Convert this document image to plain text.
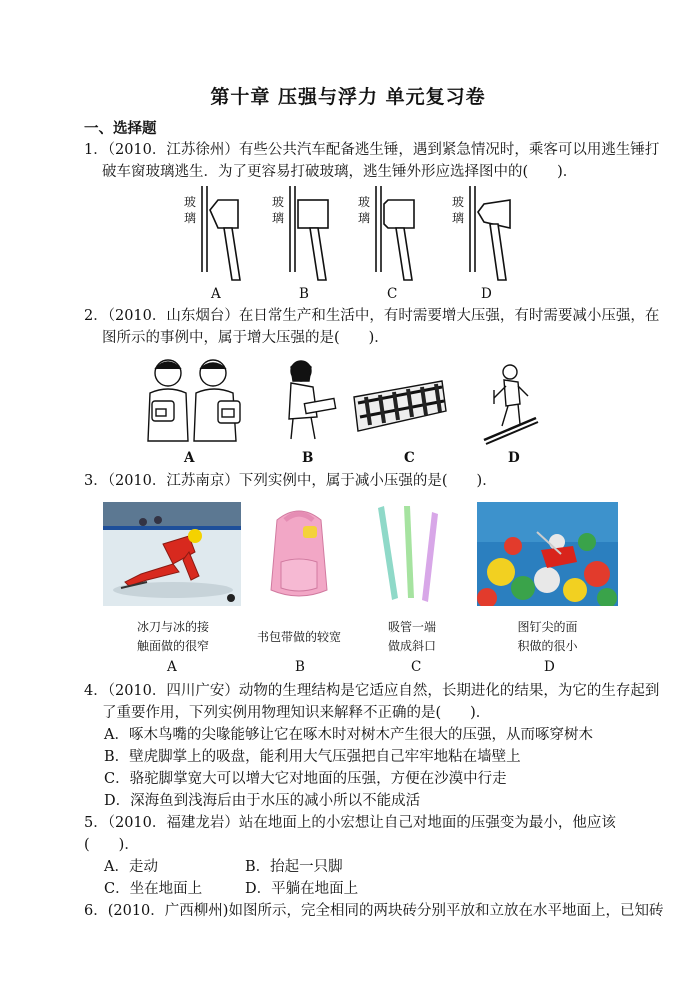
第十章 压强与浮力 单元复习卷
一、选择题
1．（2010．江苏徐州）有些公共汽车配备逃生锤，遇到紧急情况时，乘客可以用逃生锤打
破车窗玻璃逃生．为了更容易打破玻璃，逃生锤外形应选择图中的(　　)．
玻璃
玻璃
玻璃
玻璃
A	B	C	D
2．（2010．山东烟台）在日常生产和生活中，有时需要增大压强，有时需要减小压强，在
图所示的事例中，属于增大压强的是(　　)．
A	B	C	D
3．（2010．江苏南京）下列实例中，属于减小压强的是(　　)．
冰刀与冰的接
触面做的很窄
书包带做的较宽
吸管一端
做成斜口
图钉尖的面
积做的很小
A	B	C	D
4．（2010．四川广安）动物的生理结构是它适应自然，长期进化的结果，为它的生存起到
了重要作用，下列实例用物理知识来解释不正确的是(　　)．
A．啄木鸟嘴的尖喙能够让它在啄木时对树木产生很大的压强，从而啄穿树木
B．壁虎脚掌上的吸盘，能利用大气压强把自己牢牢地粘在墙壁上
C．骆驼脚掌宽大可以增大它对地面的压强，方便在沙漠中行走
D．深海鱼到浅海后由于水压的减小所以不能成活
5．（2010．福建龙岩）站在地面上的小宏想让自己对地面的压强变为最小，他应该
(　　)．
A．走动	B．抬起一只脚
C．坐在地面上	D．平躺在地面上
6．(2010．广西柳州)如图所示，完全相同的两块砖分别平放和立放在水平地面上，已知砖
